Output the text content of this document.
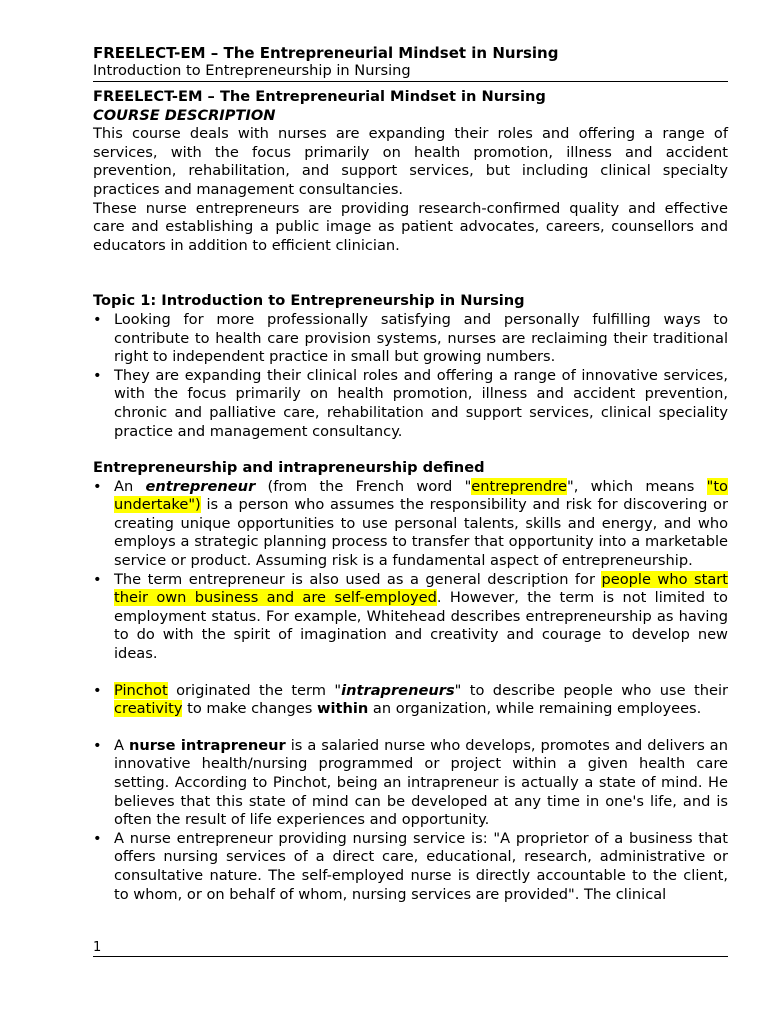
FREELECT-EM – The Entrepreneurial Mindset in Nursing
Introduction to Entrepreneurship in Nursing
FREELECT-EM – The Entrepreneurial Mindset in Nursing
COURSE DESCRIPTION

This course deals with nurses are expanding their roles and offering a range of services, with the focus primarily on health promotion, illness and accident prevention, rehabilitation, and support services, but including clinical specialty practices and management consultancies.

These nurse entrepreneurs are providing research-confirmed quality and effective care and establishing a public image as patient advocates, careers, counsellors and educators in addition to efficient clinician.

Topic 1: Introduction to Entrepreneurship in Nursing
• Looking for more professionally satisfying and personally fulfilling ways to contribute to health care provision systems, nurses are reclaiming their traditional right to independent practice in small but growing numbers.
• They are expanding their clinical roles and offering a range of innovative services, with the focus primarily on health promotion, illness and accident prevention, chronic and palliative care, rehabilitation and support services, clinical speciality practice and management consultancy.
Entrepreneurship and intrapreneurship defined
• An entrepreneur (from the French word "entreprendre", which means "to undertake") is a person who assumes the responsibility and risk for discovering or creating unique opportunities to use personal talents, skills and energy, and who employs a strategic planning process to transfer that opportunity into a marketable service or product. Assuming risk is a fundamental aspect of entrepreneurship.
• The term entrepreneur is also used as a general description for people who start their own business and are self-employed. However, the term is not limited to employment status. For example, Whitehead describes entrepreneurship as having to do with the spirit of imagination and creativity and courage to develop new ideas.
• Pinchot originated the term "intrapreneurs" to describe people who use their creativity to make changes within an organization, while remaining employees.
• A nurse intrapreneur is a salaried nurse who develops, promotes and delivers an innovative health/nursing programmed or project within a given health care setting. According to Pinchot, being an intrapreneur is actually a state of mind. He believes that this state of mind can be developed at any time in one's life, and is often the result of life experiences and opportunity.
• A nurse entrepreneur providing nursing service is: "A proprietor of a business that offers nursing services of a direct care, educational, research, administrative or consultative nature. The self-employed nurse is directly accountable to the client, to whom, or on behalf of whom, nursing services are provided". The clinical
1
